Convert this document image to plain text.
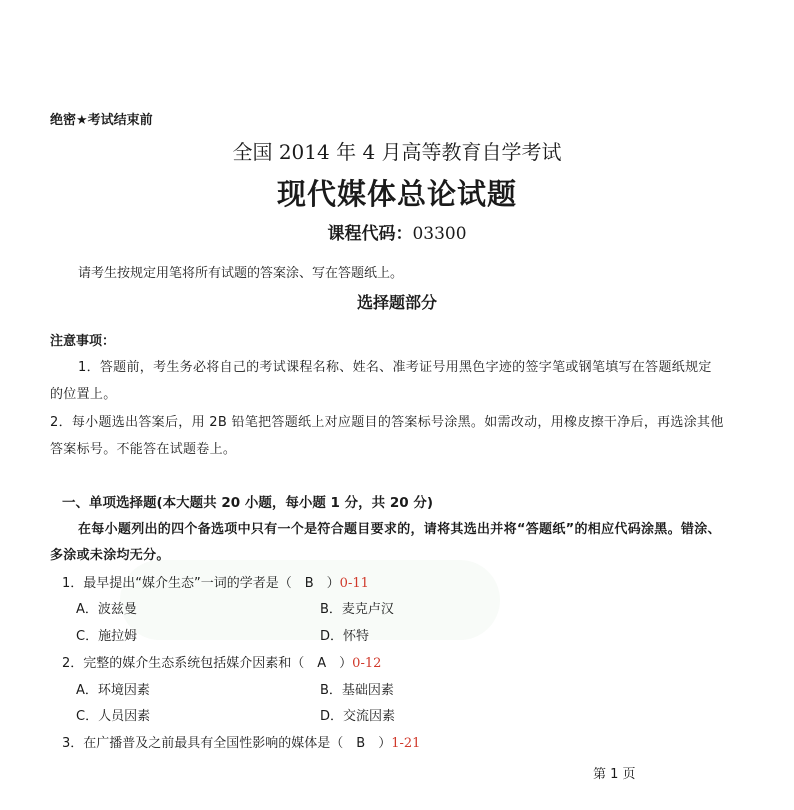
绝密★考试结束前
全国 2014 年 4 月高等教育自学考试
现代媒体总论试题
课程代码：03300
请考生按规定用笔将所有试题的答案涂、写在答题纸上。
选择题部分
注意事项：
1．答题前，考生务必将自己的考试课程名称、姓名、准考证号用黑色字迹的签字笔或钢笔填写在答题纸规定
的位置上。
2．每小题选出答案后，用 2B 铅笔把答题纸上对应题目的答案标号涂黑。如需改动，用橡皮擦干净后，再选涂其他
答案标号。不能答在试题卷上。
一、单项选择题(本大题共 20 小题，每小题 1 分，共 20 分)
在每小题列出的四个备选项中只有一个是符合题目要求的，请将其选出并将“答题纸”的相应代码涂黑。错涂、
多涂或未涂均无分。
1．最早提出“媒介生态”一词的学者是（　B　）0-11
A．波兹曼	B．麦克卢汉
C．施拉姆	D．怀特
2．完整的媒介生态系统包括媒介因素和（　A　）0-12
A．环境因素	B．基础因素
C．人员因素	D．交流因素
3．在广播普及之前最具有全国性影响的媒体是（　B　）1-21
第 1 页
